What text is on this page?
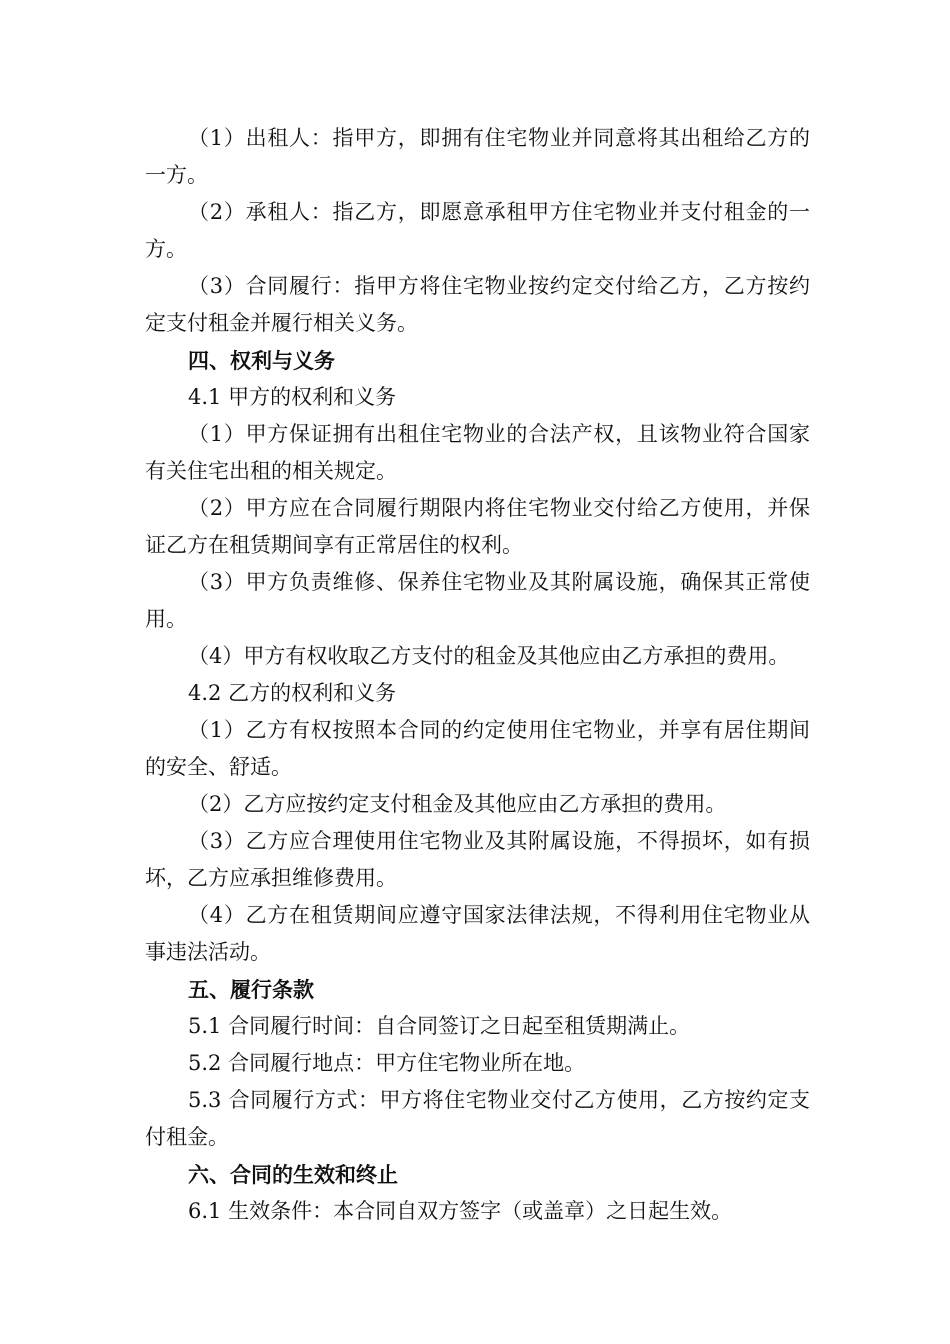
（1）出租人：指甲方，即拥有住宅物业并同意将其出租给乙方的一方。

（2）承租人：指乙方，即愿意承租甲方住宅物业并支付租金的一方。

（3）合同履行：指甲方将住宅物业按约定交付给乙方，乙方按约定支付租金并履行相关义务。

四、权利与义务

4.1 甲方的权利和义务

（1）甲方保证拥有出租住宅物业的合法产权，且该物业符合国家有关住宅出租的相关规定。

（2）甲方应在合同履行期限内将住宅物业交付给乙方使用，并保证乙方在租赁期间享有正常居住的权利。

（3）甲方负责维修、保养住宅物业及其附属设施，确保其正常使用。

（4）甲方有权收取乙方支付的租金及其他应由乙方承担的费用。

4.2 乙方的权利和义务

（1）乙方有权按照本合同的约定使用住宅物业，并享有居住期间的安全、舒适。

（2）乙方应按约定支付租金及其他应由乙方承担的费用。

（3）乙方应合理使用住宅物业及其附属设施，不得损坏，如有损坏，乙方应承担维修费用。

（4）乙方在租赁期间应遵守国家法律法规，不得利用住宅物业从事违法活动。

五、履行条款

5.1 合同履行时间：自合同签订之日起至租赁期满止。

5.2 合同履行地点：甲方住宅物业所在地。

5.3 合同履行方式：甲方将住宅物业交付乙方使用，乙方按约定支付租金。

六、合同的生效和终止

6.1 生效条件：本合同自双方签字（或盖章）之日起生效。
